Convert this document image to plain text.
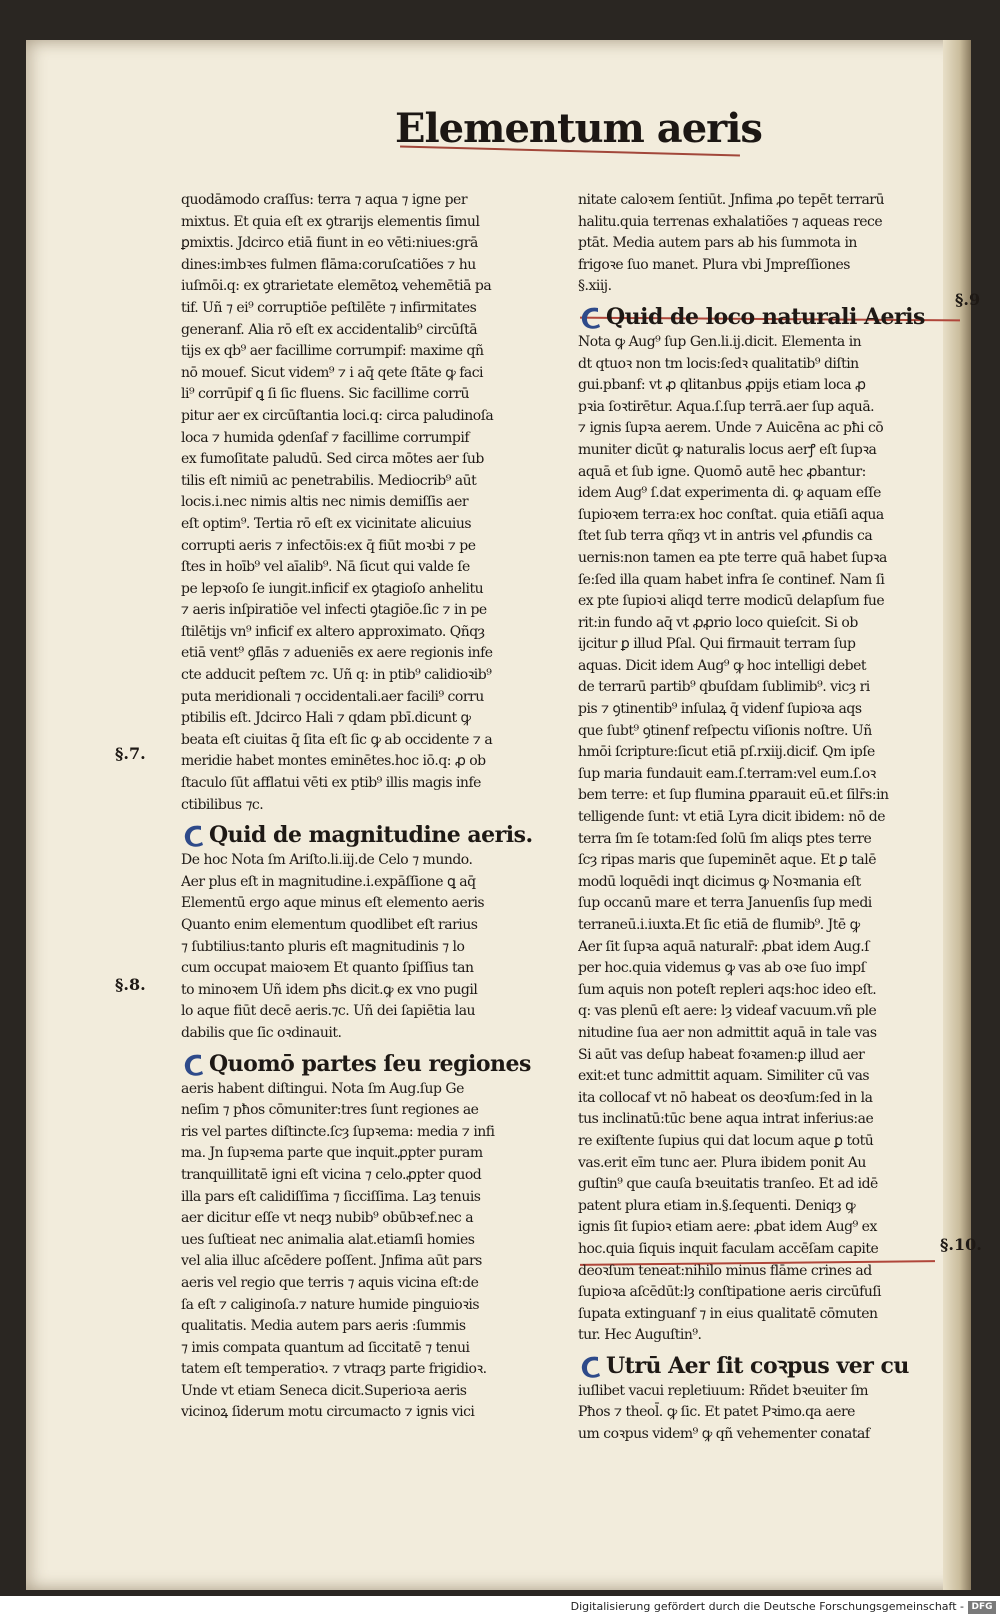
Elementum aeris
§.7.
§.8.
§.9
§.10.
quodāmodo craſſus: terra ⁊ aqua ⁊ igne per
mixtus. Et quia eſt ex ꝯtrarijs elementis ſimul
ꝑmixtis. Jdcirco etiā fiunt in eo vēti:niues:grā
dines:imbꝛes fulmen flāma:coruſcatiões ⁊ hu
iuſmōi.q: ex ꝯtrarietate elemētoꝝ vehemētiā pa
tif. Uñ ⁊ ei⁹ corruptiōe peſtilēte ⁊ infirmitates
generanf. Alia rō eſt ex accidentalib⁹ circūſtā
tijs ex qb⁹ aer facillime corrumpif: maxime qñ
nō mouef. Sicut videm⁹ ⁊ i aq̄ qete ſtāte ꝙ faci
li⁹ corrūpif ꝗ ſi ſic fluens. Sic facillime corrū
pitur aer ex circūſtantia loci.q: circa paludinoſa
loca ⁊ humida ꝯdenſaf ⁊ facillime corrumpif
ex fumoſitate paludū. Sed circa mōtes aer ſub
tilis eſt nimiū ac penetrabilis. Mediocrib⁹ aūt
locis.i.nec nimis altis nec nimis demiſſis aer
eſt optim⁹. Tertia rō eſt ex vicinitate alicuius
corrupti aeris ⁊ infectōis:ex q̄ fiūt moꝛbi ⁊ pe
ſtes in hoīb⁹ vel aīalib⁹. Nā ſicut qui valde ſe
pe lepꝛoſo ſe iungit.inficif ex ꝯtagioſo anhelitu
⁊ aeris inſpiratiōe vel infecti ꝯtagiōe.ſic ⁊ in pe
ſtilētijs vn⁹ inficif ex altero approximato. Qñqȝ
etiā vent⁹ ꝯflās ⁊ adueniēs ex aere regionis infe
cte adducit peſtem ⁊c. Uñ q: in ptib⁹ calidioꝛib⁹
puta meridionali ⁊ occidentali.aer facili⁹ corru
ptibilis eſt. Jdcirco Hali ⁊ qdam pbī.dicunt ꝙ
beata eſt ciuitas q̄ ſita eſt ſic ꝙ ab occidente ⁊ a
meridie habet montes eminētes.hoc iō.q: ꝓ ob
ſtaculo ſūt afflatui vēti ex ptib⁹ illis magis infe
ctibilibus ⁊c.
Quid de magnitudine aeris.
De hoc Nota ſm Ariſto.li.iij.de Celo ⁊ mundo.
Aer plus eſt in magnitudine.i.expāſſione ꝗ aq̄
Elementū ergo aque minus eſt elemento aeris
Quanto enim elementum quodlibet eſt rarius
⁊ ſubtilius:tanto pluris eſt magnitudinis ⁊ lo
cum occupat maioꝛem Et quanto ſpiſſius tan
to minoꝛem Uñ idem pħs dicit.ꝙ ex vno pugil
lo aque fiūt decē aeris.⁊c. Uñ dei ſapiētia lau
dabilis que ſic oꝛdinauit.
Quomō partes ſeu regiones
aeris habent diſtingui. Nota ſm Aug.ſup Ge
neſim ⁊ pħos cōmuniter:tres ſunt regiones ae
ris vel partes diſtincte.ſcȝ ſupꝛema: media ⁊ infi
ma. Jn ſupꝛema parte que inquit.ꝓpter puram
tranquillitatē igni eſt vicina ⁊ celo.ꝓpter quod
illa pars eſt calidiſſima ⁊ ſicciſſima. Laȝ tenuis
aer dicitur eſſe vt neqȝ nubib⁹ obūbꝛef.nec a
ues ſuſtieat nec animalia alat.etiamſi homies
vel alia illuc aſcēdere poſſent. Jnfima aūt pars
aeris vel regio que terris ⁊ aquis vicina eſt:de
ſa eſt ⁊ caliginoſa.⁊ nature humide pinguioꝛis
qualitatis. Media autem pars aeris :ſummis
⁊ imis compata quantum ad ſiccitatē ⁊ tenui
tatem eſt temperatioꝛ. ⁊ vtraqȝ parte frigidioꝛ.
Unde vt etiam Seneca dicit.Superioꝛa aeris
vicinoꝝ ſiderum motu circumacto ⁊ ignis vici
nitate caloꝛem ſentiūt. Jnfima ꝓo tepēt terrarū
halitu.quia terrenas exhalatiões ⁊ aqueas rece
ptāt. Media autem pars ab his ſummota in
frigoꝛe ſuo manet. Plura vbi Jmpreſſiones
§.xiij.
Quid de loco naturali Aeris
Nota ꝙ Aug⁹ ſup Gen.li.ij.dicit. Elementa in
dt qtuoꝛ non tm locis:ſedꝛ qualitatib⁹ diſtin
gui.pbanf: vt ꝓ qlitanbus ꝓpijs etiam loca ꝓ
pꝛia ſoꝛtirētur. Aqua.ſ.ſup terrā.aer ſup aquā.
⁊ ignis ſupꝛa aerem. Unde ⁊ Auicēna ac pħi cō
muniter dicūt ꝙ naturalis locus aerꝭ eſt ſupꝛa
aquā et ſub igne. Quomō autē hec ꝓbantur:
idem Aug⁹ ſ.dat experimenta di. ꝙ aquam eſſe
ſupioꝛem terra:ex hoc conſtat. quia etiāſi aqua
ſtet ſub terra qñqȝ vt in antris vel ꝓfundis ca
uernis:non tamen ea pte terre quā habet ſupꝛa
ſe:ſed illa quam habet infra ſe continef. Nam ſi
ex pte ſupioꝛi aliqd terre modicū delapſum fue
rit:in fundo aq̄ vt ꝓꝓrio loco quieſcit. Si ob
ijcitur ꝑ illud Pſal. Qui firmauit terram ſup
aquas. Dicit idem Aug⁹ ꝙ hoc intelligi debet
de terrarū partib⁹ qbuſdam ſublimib⁹. vicȝ ri
pis ⁊ ꝯtinentib⁹ inſulaꝝ q̄ videnf ſupioꝛa aqs
que ſubt⁹ ꝯtinenf reſpectu viſionis noſtre. Uñ
hmōi ſcripture:ſicut etiā pſ.rxiij.dicif. Qm ipſe
ſup maria fundauit eam.ſ.terram:vel eum.ſ.oꝛ
bem terre: et ſup flumina ꝑparauit eū.et ſilr̄s:in
telligende ſunt: vt etiā Lyra dicit ibidem: nō de
terra ſm ſe totam:ſed ſolū ſm aliqs ptes terre
ſcȝ ripas maris que ſupeminēt aque. Et ꝑ talē
modū loquēdi inqt dicimus ꝙ Noꝛmania eſt
ſup occanū mare et terra Januenſis ſup medi
terraneū.i.iuxta.Et ſic etiā de flumib⁹. Jtē ꝙ
Aer ſit ſupꝛa aquā naturalr̄: ꝓbat idem Aug.ſ
per hoc.quia videmus ꝙ vas ab oꝛe ſuo impſ
ſum aquis non poteſt repleri aqs:hoc ideo eſt.
q: vas plenū eſt aere: lȝ videaf vacuum.vñ ple
nitudine ſua aer non admittit aquā in tale vas
Si aūt vas deſup habeat foꝛamen:ꝑ illud aer
exit:et tunc admittit aquam. Similiter cū vas
ita collocaf vt nō habeat os deoꝛſum:ſed in la
tus inclinatū:tūc bene aqua intrat inferius:ae
re exiſtente ſupius qui dat locum aque ꝑ totū
vas.erit eīm tunc aer. Plura ibidem ponit Au
guſtin⁹ que cauſa bꝛeuitatis tranſeo. Et ad idē
patent plura etiam in.§.ſequenti. Deniqȝ ꝙ
ignis ſit ſupioꝛ etiam aere: ꝓbat idem Aug⁹ ex
hoc.quia ſiquis inquit faculam accēſam capite
deoꝛſum teneat:nihilo minus flāme crines ad
ſupioꝛa aſcēdūt:lȝ conſtipatione aeris circūfuſi
ſupata extinguanf ⁊ in eius qualitatē cōmuten
tur. Hec Auguſtin⁹.
Utrū Aer ſit coꝛpus ver cu
iuſlibet vacui repletiuum: Rñdet bꝛeuiter ſm
Pħos ⁊ theol̄. ꝙ ſic. Et patet Pꝛimo.qa aere
um coꝛpus videm⁹ ꝙ qñ vehementer conataf
Digitalisierung gefördert durch die Deutsche Forschungsgemeinschaft - DFG
